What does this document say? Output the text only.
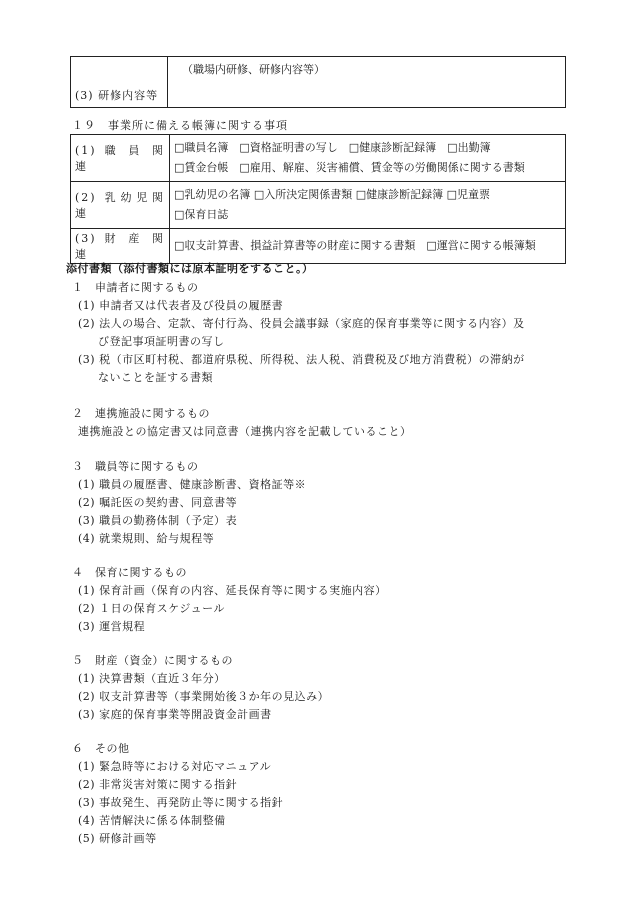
(3) 研修内容等	（職場内研修、研修内容等）
１９　事業所に備える帳簿に関する事項
(1) 職 員 関 連	□職員名簿　□資格証明書の写し　□健康診断記録簿　□出勤簿
□賃金台帳　□雇用、解雇、災害補償、賃金等の労働関係に関する書類

(2) 乳幼児関連	□乳幼児の名簿 □入所決定関係書類 □健康診断記録簿 □児童票
□保育日誌

(3) 財 産 関 連	□収支計算書、損益計算書等の財産に関する書類　□運営に関する帳簿類
添付書類（添付書類には原本証明をすること。）
１　申請者に関するもの
(1) 申請者又は代表者及び役員の履歴書
(2) 法人の場合、定款、寄付行為、役員会議事録（家庭的保育事業等に関する内容）及
び登記事項証明書の写し
(3) 税（市区町村税、都道府県税、所得税、法人税、消費税及び地方消費税）の滞納が
ないことを証する書類
２　連携施設に関するもの
連携施設との協定書又は同意書（連携内容を記載していること）
３　職員等に関するもの
(1) 職員の履歴書、健康診断書、資格証等※
(2) 嘱託医の契約書、同意書等
(3) 職員の勤務体制（予定）表
(4) 就業規則、給与規程等
４　保育に関するもの
(1) 保育計画（保育の内容、延長保育等に関する実施内容）
(2) １日の保育スケジュール
(3) 運営規程
５　財産（資金）に関するもの
(1) 決算書類（直近３年分）
(2) 収支計算書等（事業開始後３か年の見込み）
(3) 家庭的保育事業等開設資金計画書
６　その他
(1) 緊急時等における対応マニュアル
(2) 非常災害対策に関する指針
(3) 事故発生、再発防止等に関する指針
(4) 苦情解決に係る体制整備
(5) 研修計画等
